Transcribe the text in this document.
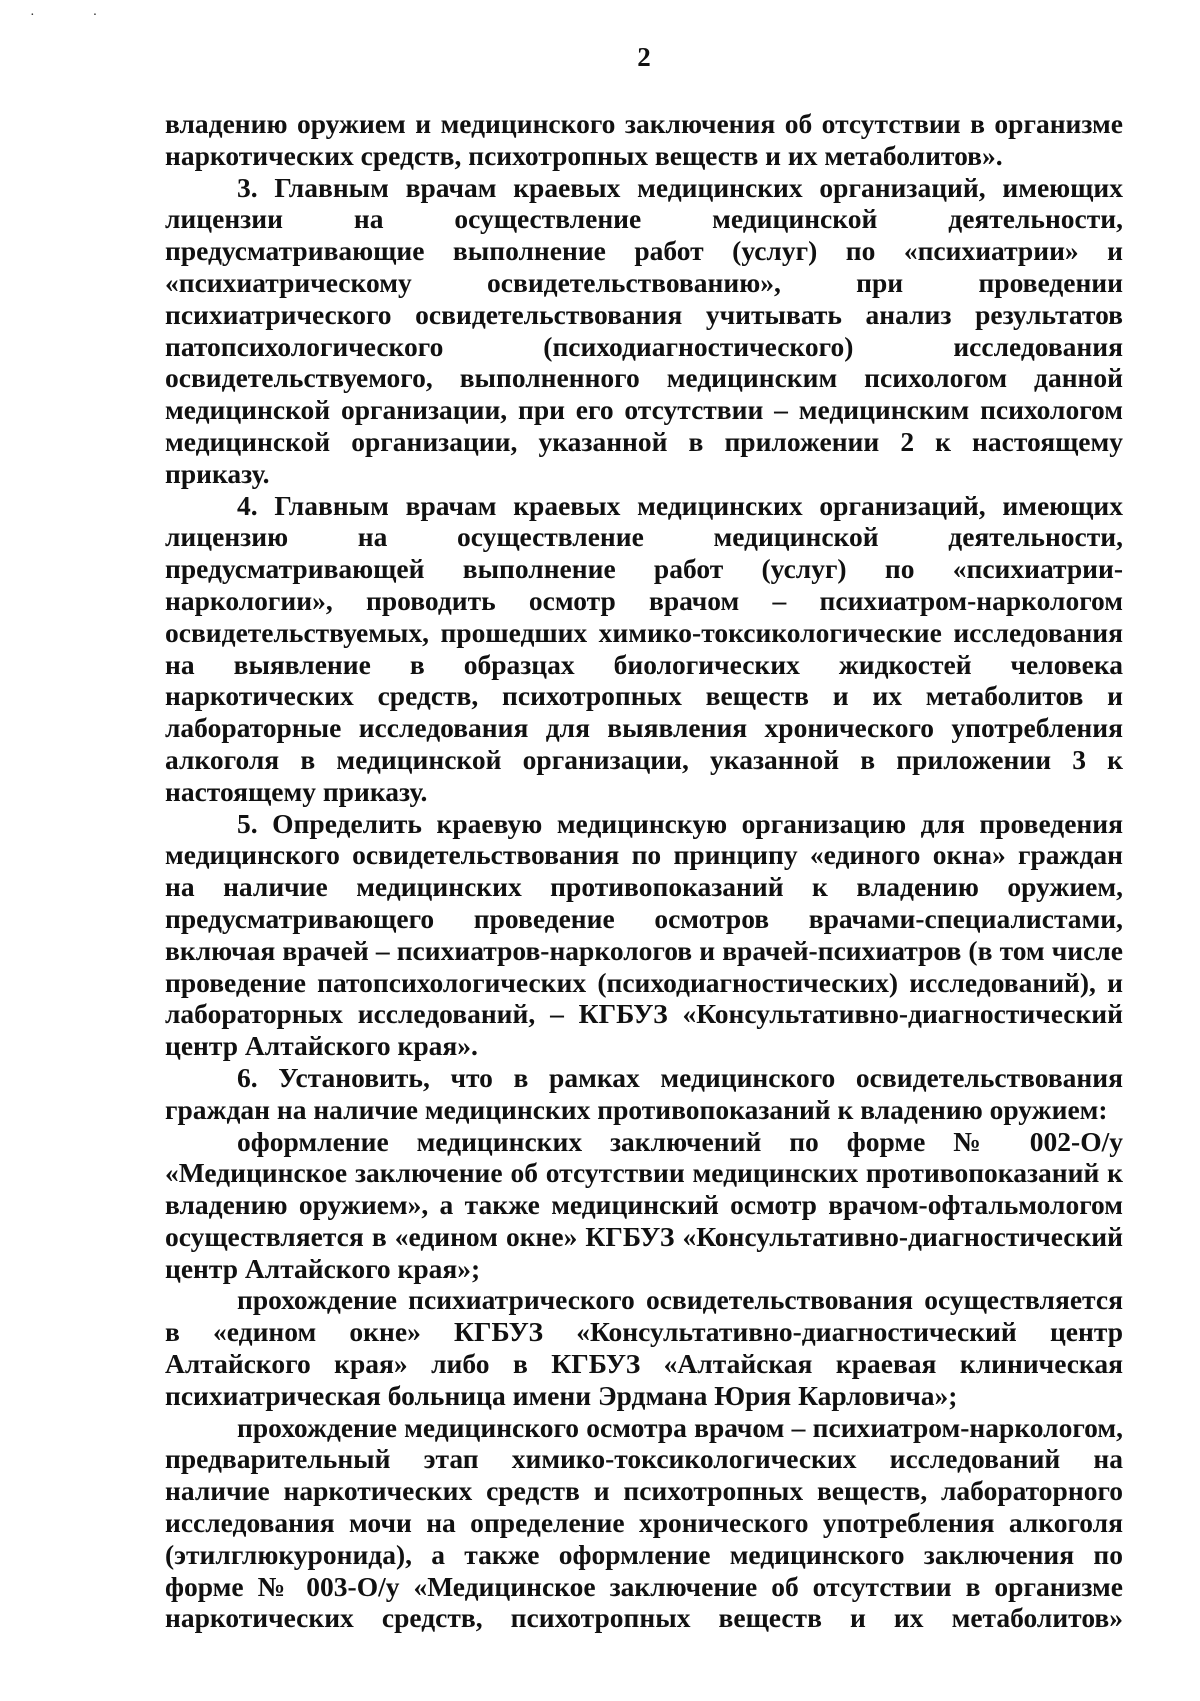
··
2

владению оружием и медицинского заключения об отсутствии в организме наркотических средств, психотропных веществ и их метаболитов».

3. Главным врачам краевых медицинских организаций, имеющих лицензии на осуществление медицинской деятельности, предусматривающие выполнение работ (услуг) по «психиатрии» и «психиатрическому освидетельствованию», при проведении психиатрического освидетельствования учитывать анализ результатов патопсихологического (психодиагностического) исследования освидетельствуемого, выполненного медицинским психологом данной медицинской организации, при его отсутствии – медицинским психологом медицинской организации, указанной в приложении 2 к настоящему приказу.

4. Главным врачам краевых медицинских организаций, имеющих лицензию на осуществление медицинской деятельности, предусматривающей выполнение работ (услуг) по «психиатрии-наркологии», проводить осмотр врачом – психиатром-наркологом освидетельствуемых, прошедших химико-токсикологические исследования на выявление в образцах биологических жидкостей человека наркотических средств, психотропных веществ и их метаболитов и лабораторные исследования для выявления хронического употребления алкоголя в медицинской организации, указанной в приложении 3 к настоящему приказу.

5. Определить краевую медицинскую организацию для проведения медицинского освидетельствования по принципу «единого окна» граждан на наличие медицинских противопоказаний к владению оружием, предусматривающего проведение осмотров врачами-специалистами, включая врачей – психиатров-наркологов и врачей-психиатров (в том числе проведение патопсихологических (психодиагностических) исследований), и лабораторных исследований, – КГБУЗ «Консультативно-диагностический центр Алтайского края».

6. Установить, что в рамках медицинского освидетельствования граждан на наличие медицинских противопоказаний к владению оружием:

оформление медицинских заключений по форме № 002-О/у «Медицинское заключение об отсутствии медицинских противопоказаний к владению оружием», а также медицинский осмотр врачом-офтальмологом осуществляется в «едином окне» КГБУЗ «Консультативно-диагностический центр Алтайского края»;

прохождение психиатрического освидетельствования осуществляется в «едином окне» КГБУЗ «Консультативно-диагностический центр Алтайского края» либо в КГБУЗ «Алтайская краевая клиническая психиатрическая больница имени Эрдмана Юрия Карловича»;

прохождение медицинского осмотра врачом – психиатром-наркологом, предварительный этап химико-токсикологических исследований на наличие наркотических средств и психотропных веществ, лабораторного исследования мочи на определение хронического употребления алкоголя (этилглюкуронида), а также оформление медицинского заключения по форме № 003-О/у «Медицинское заключение об отсутствии в организме наркотических средств, психотропных веществ и их метаболитов»
